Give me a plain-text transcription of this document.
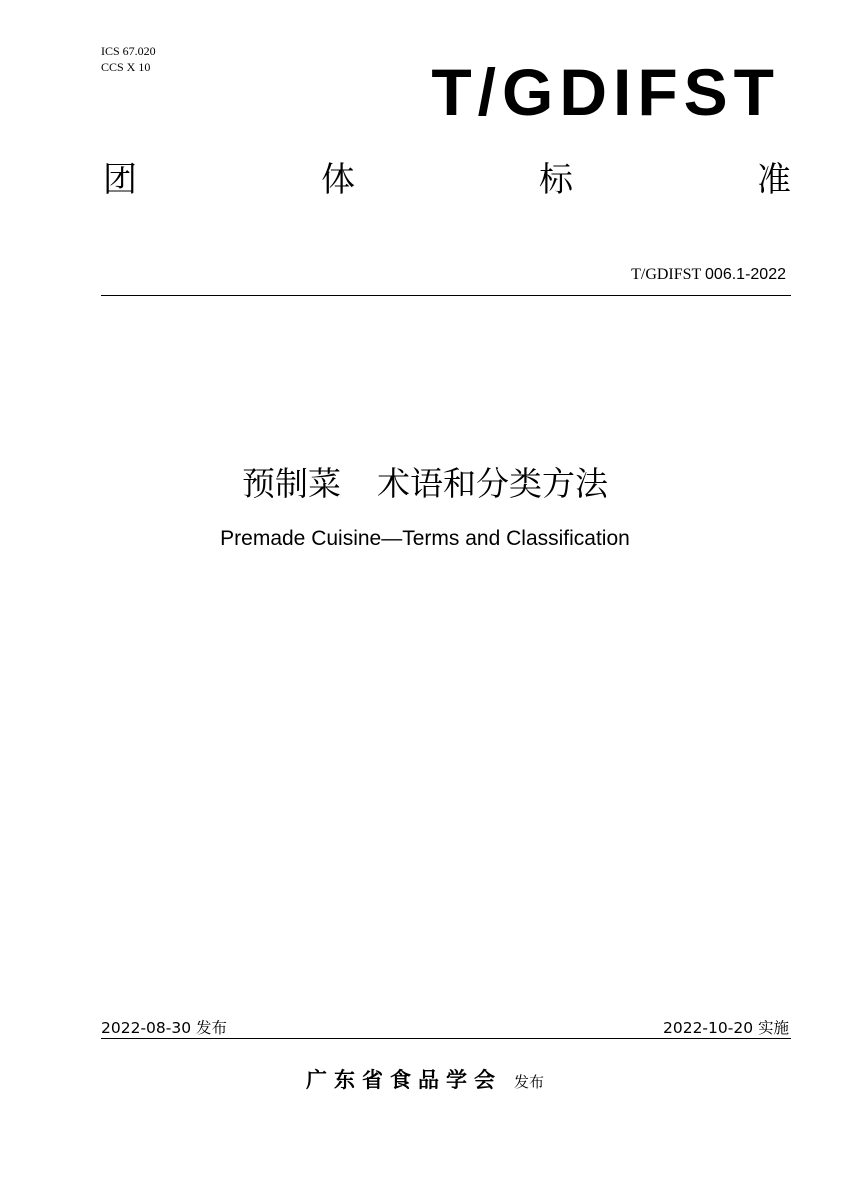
ICS 67.020
CCS X 10	T/GDIFST
团	体	标	准
T/GDIFST 006.1-2022
预制菜 术语和分类方法
Premade Cuisine—Terms and Classification
2022-08-30 发布	2022-10-20 实施
广东省食品学会 发布
